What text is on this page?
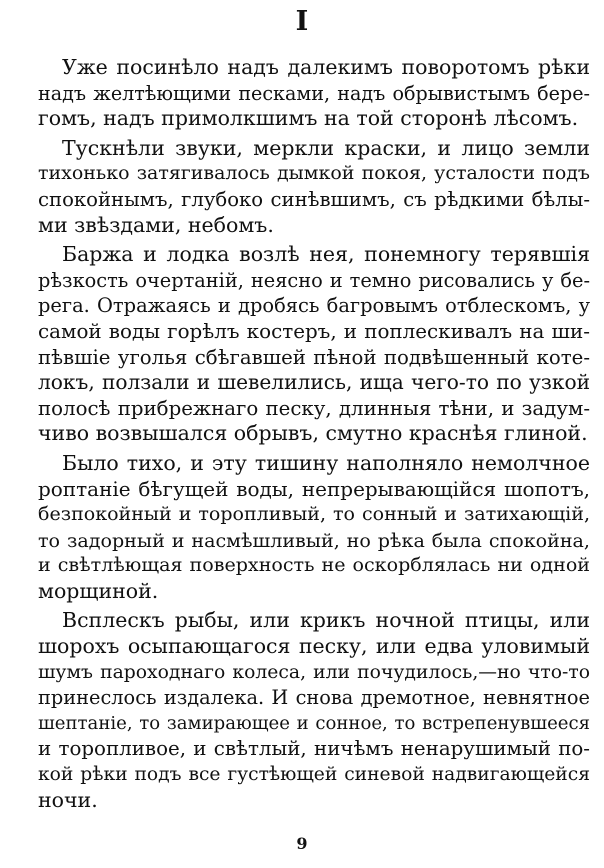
I

Уже посинѣло надъ далекимъ поворотомъ рѣки
надъ желтѣющими песками, надъ обрывистымъ бере-
гомъ, надъ примолкшимъ на той сторонѣ лѣсомъ.

Тускнѣли звуки, меркли краски, и лицо земли
тихонько затягивалось дымкой покоя, усталости подъ
спокойнымъ, глубоко синѣвшимъ, съ рѣдкими бѣлы-
ми звѣздами, небомъ.

Баржа и лодка возлѣ нея, понемногу терявшія
рѣзкость очертаній, неясно и темно рисовались у бе-
рега. Отражаясь и дробясь багровымъ отблескомъ, у
самой воды горѣлъ костеръ, и поплескивалъ на ши-
пѣвшіе уголья сбѣгавшей пѣной подвѣшенный коте-
локъ, ползали и шевелились, ища чего-то по узкой
полосѣ прибрежнаго песку, длинныя тѣни, и задум-
чиво возвышался обрывъ, смутно краснѣя глиной.

Было тихо, и эту тишину наполняло немолчное
роптаніе бѣгущей воды, непрерывающійся шопотъ,
безпокойный и торопливый, то сонный и затихающій,
то задорный и насмѣшливый, но рѣка была спокойна,
и свѣтлѣющая поверхность не оскорблялась ни одной
морщиной.

Всплескъ рыбы, или крикъ ночной птицы, или
шорохъ осыпающагося песку, или едва уловимый
шумъ пароходнаго колеса, или почудилось,—но что-то
принеслось издалека. И снова дремотное, невнятное
шептаніе, то замирающее и сонное, то встрепенувшееся
и торопливое, и свѣтлый, ничѣмъ ненарушимый по-
кой рѣки подъ все густѣющей синевой надвигающейся
ночи.

9
